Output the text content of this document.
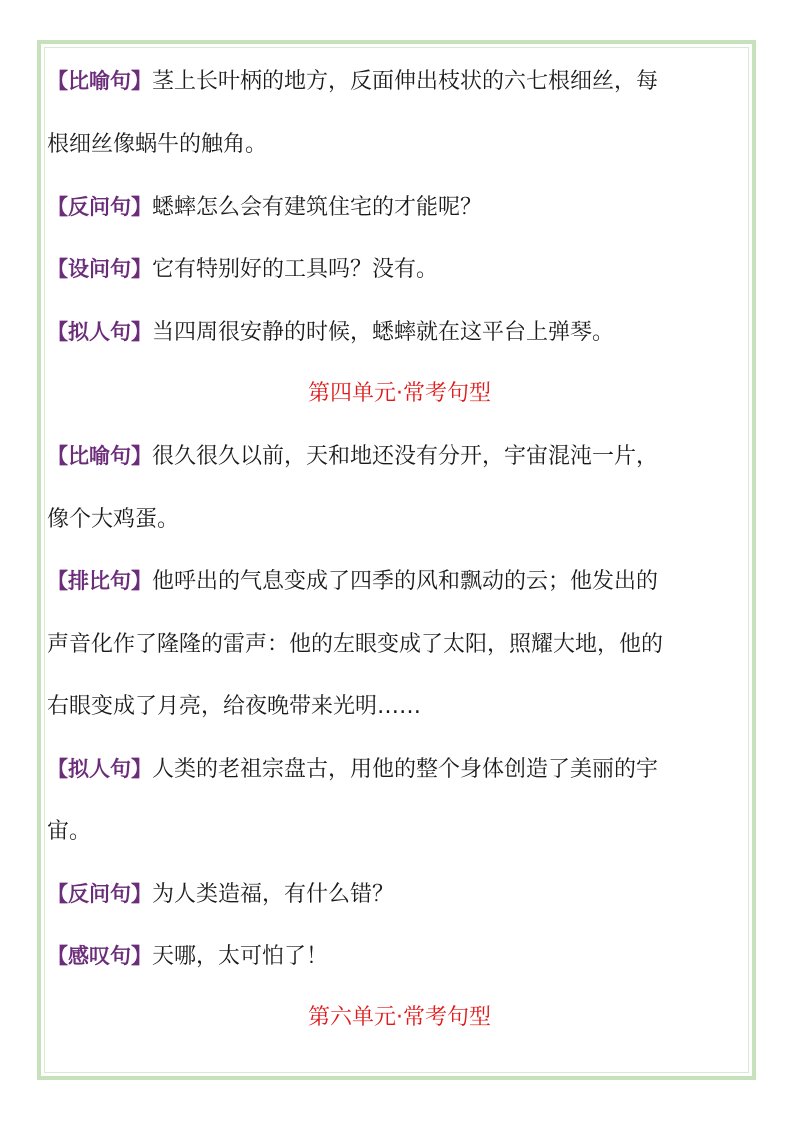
【比喻句】茎上长叶柄的地方，反面伸出枝状的六七根细丝，每
根细丝像蜗牛的触角。
【反问句】蟋蟀怎么会有建筑住宅的才能呢？
【设问句】它有特别好的工具吗？没有。
【拟人句】当四周很安静的时候，蟋蟀就在这平台上弹琴。
第四单元·常考句型
【比喻句】很久很久以前，天和地还没有分开，宇宙混沌一片，
像个大鸡蛋。
【排比句】他呼出的气息变成了四季的风和飘动的云；他发出的
声音化作了隆隆的雷声：他的左眼变成了太阳，照耀大地，他的
右眼变成了月亮，给夜晚带来光明……
【拟人句】人类的老祖宗盘古，用他的整个身体创造了美丽的宇
宙。
【反问句】为人类造福，有什么错？
【感叹句】天哪，太可怕了！
第六单元·常考句型
